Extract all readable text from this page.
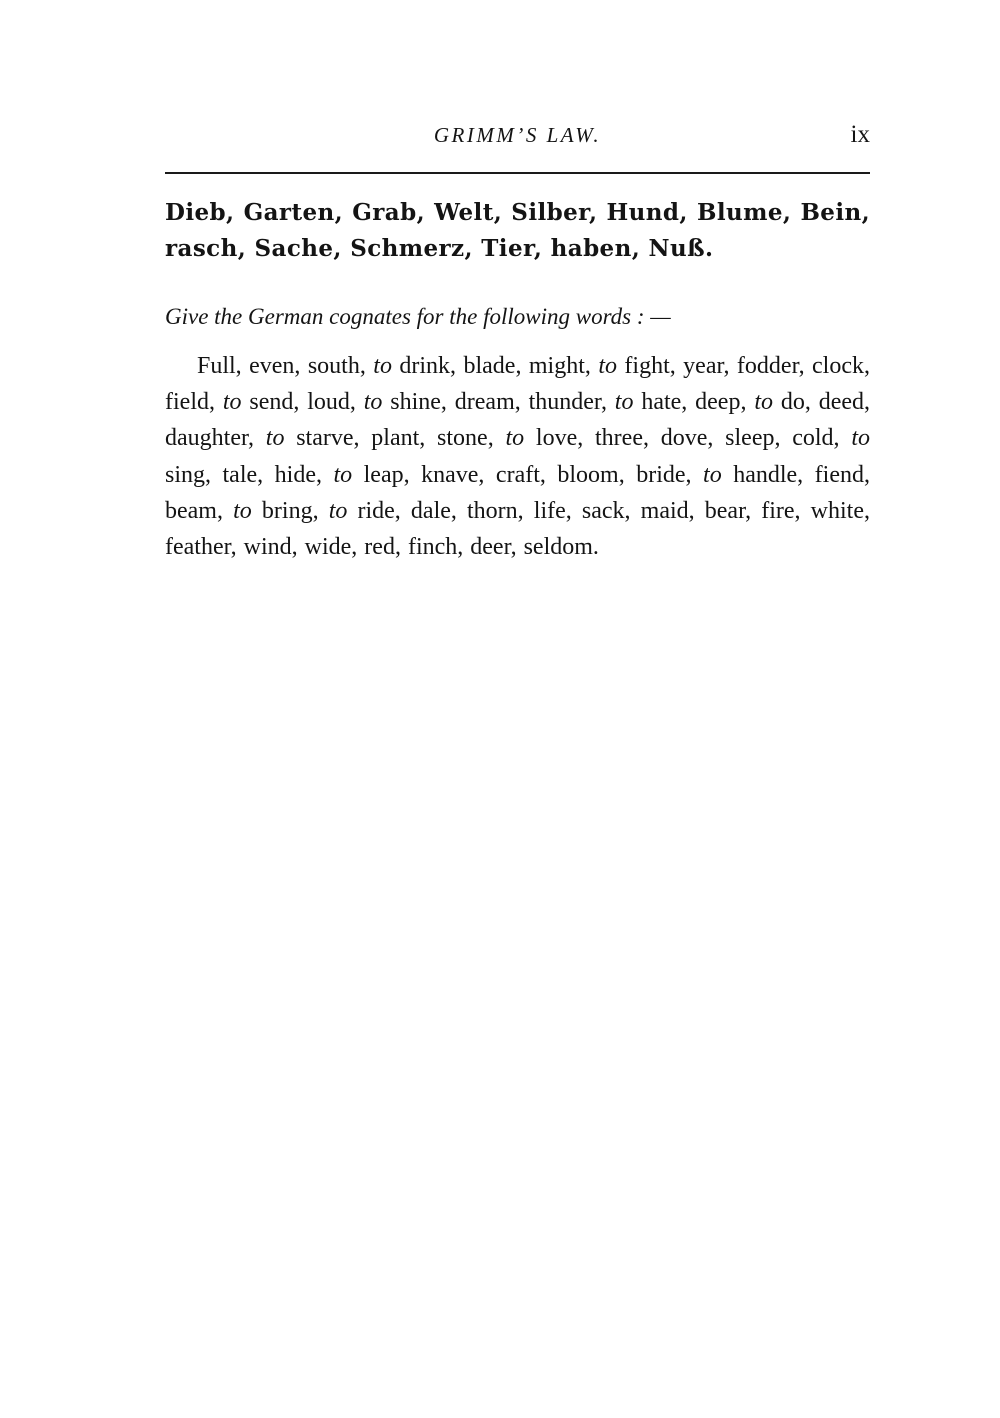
GRIMM’S LAW.	ix

Dieb, Garten, Grab, Welt, Silber, Hund, Blume, Bein, rasch, Sache, Schmerz, Tier, haben, Nuß.

Give the German cognates for the following words : —

Full, even, south, to drink, blade, might, to fight, year, fodder, clock, field, to send, loud, to shine, dream, thunder, to hate, deep, to do, deed, daughter, to starve, plant, stone, to love, three, dove, sleep, cold, to sing, tale, hide, to leap, knave, craft, bloom, bride, to handle, fiend, beam, to bring, to ride, dale, thorn, life, sack, maid, bear, fire, white, feather, wind, wide, red, finch, deer, seldom.
